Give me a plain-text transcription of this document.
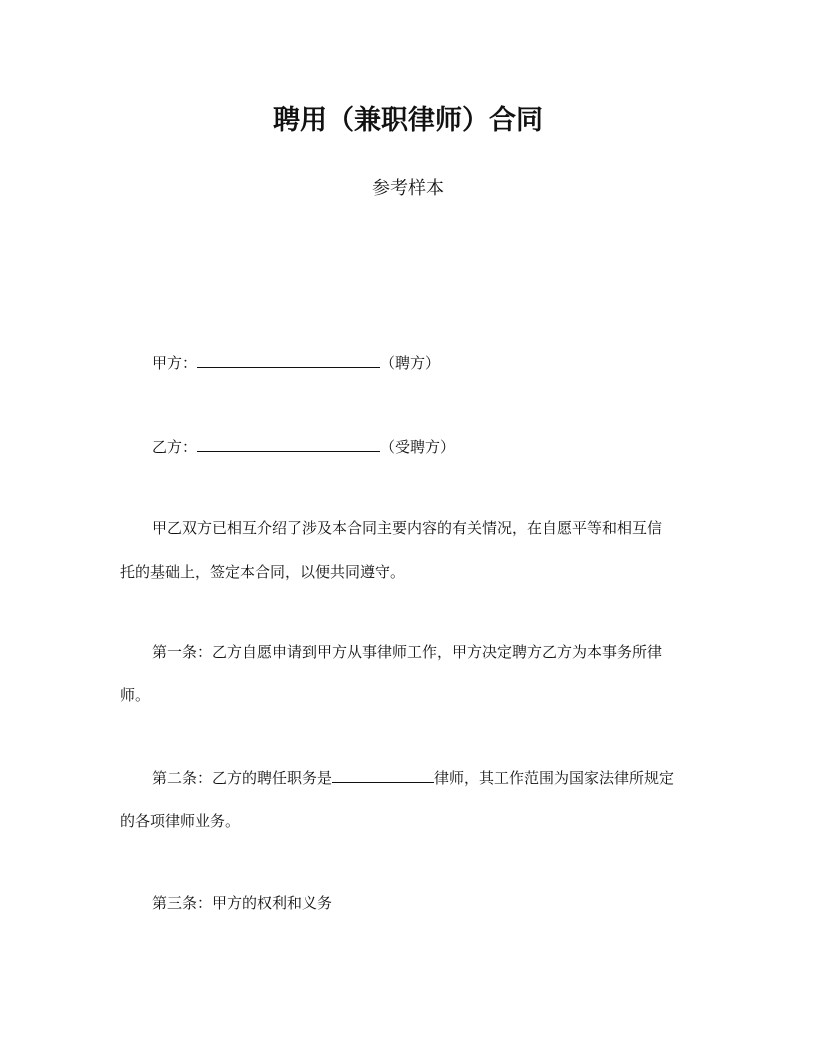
聘用（兼职律师）合同
参考样本
甲方：	（聘方）
乙方：	（受聘方）
甲乙双方已相互介绍了涉及本合同主要内容的有关情况，在自愿平等和相互信
托的基础上，签定本合同，以便共同遵守。
第一条：乙方自愿申请到甲方从事律师工作，甲方决定聘方乙方为本事务所律
师。
第二条：乙方的聘任职务是	律师，其工作范围为国家法律所规定
的各项律师业务。
第三条：甲方的权利和义务
